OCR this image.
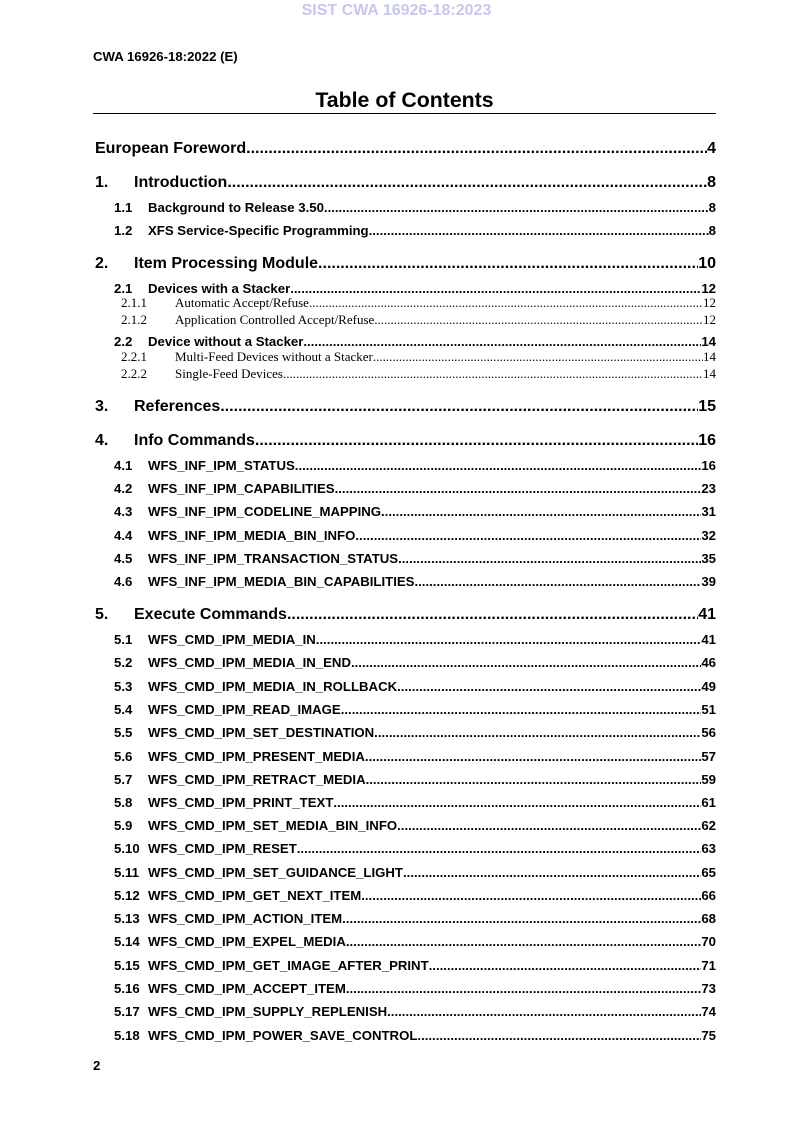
SIST CWA 16926-18:2023
CWA 16926-18:2022 (E)
Table of Contents
European Foreword .....	4
1.	Introduction .....	8
1.1	Background to Release 3.50 .....	8
1.2	XFS Service-Specific Programming .....	8
2.	Item Processing Module .....	10
2.1	Devices with a Stacker .....	12
2.1.1	Automatic Accept/Refuse .....	12
2.1.2	Application Controlled Accept/Refuse .....	12
2.2	Device without a Stacker .....	14
2.2.1	Multi-Feed Devices without a Stacker .....	14
2.2.2	Single-Feed Devices .....	14
3.	References .....	15
4.	Info Commands .....	16
4.1	WFS_INF_IPM_STATUS .....	16
4.2	WFS_INF_IPM_CAPABILITIES .....	23
4.3	WFS_INF_IPM_CODELINE_MAPPING .....	31
4.4	WFS_INF_IPM_MEDIA_BIN_INFO .....	32
4.5	WFS_INF_IPM_TRANSACTION_STATUS .....	35
4.6	WFS_INF_IPM_MEDIA_BIN_CAPABILITIES .....	39
5.	Execute Commands .....	41
5.1	WFS_CMD_IPM_MEDIA_IN .....	41
5.2	WFS_CMD_IPM_MEDIA_IN_END .....	46
5.3	WFS_CMD_IPM_MEDIA_IN_ROLLBACK .....	49
5.4	WFS_CMD_IPM_READ_IMAGE .....	51
5.5	WFS_CMD_IPM_SET_DESTINATION .....	56
5.6	WFS_CMD_IPM_PRESENT_MEDIA .....	57
5.7	WFS_CMD_IPM_RETRACT_MEDIA .....	59
5.8	WFS_CMD_IPM_PRINT_TEXT .....	61
5.9	WFS_CMD_IPM_SET_MEDIA_BIN_INFO .....	62
5.10 WFS_CMD_IPM_RESET .....	63
5.11 WFS_CMD_IPM_SET_GUIDANCE_LIGHT .....	65
5.12 WFS_CMD_IPM_GET_NEXT_ITEM .....	66
5.13 WFS_CMD_IPM_ACTION_ITEM .....	68
5.14 WFS_CMD_IPM_EXPEL_MEDIA .....	70
5.15 WFS_CMD_IPM_GET_IMAGE_AFTER_PRINT .....	71
5.16 WFS_CMD_IPM_ACCEPT_ITEM .....	73
5.17 WFS_CMD_IPM_SUPPLY_REPLENISH .....	74
5.18 WFS_CMD_IPM_POWER_SAVE_CONTROL .....	75
2
